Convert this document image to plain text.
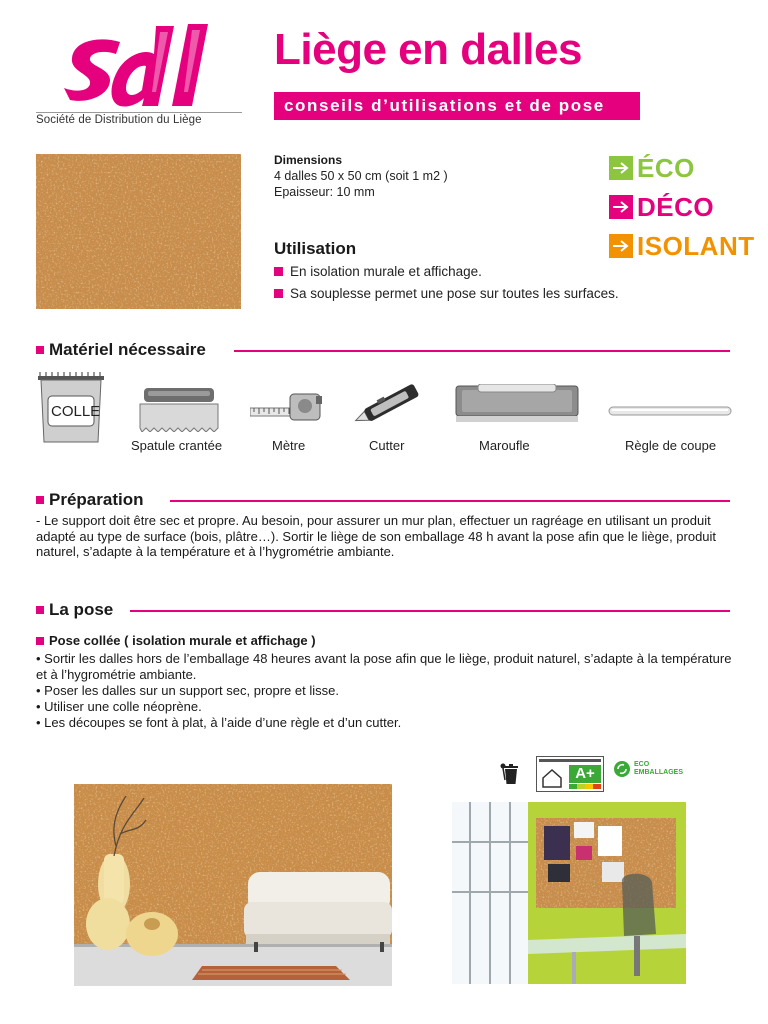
Société de Distribution du Liège
Liège en dalles
conseils d’utilisations et de pose
Dimensions
4 dalles 50 x 50 cm (soit 1 m2 )
Epaisseur: 10 mm
Utilisation
En isolation murale et affichage.
Sa souplesse permet une pose sur toutes les surfaces.
ÉCO
DÉCO
ISOLANT
Matériel nécessaire
COLLE
Spatule crantée	Mètre	Cutter	Maroufle	Règle de coupe
Préparation
- Le support doit être sec et propre. Au besoin, pour assurer un mur plan, effectuer un ragréage en utilisant un produit adapté au type de surface (bois, plâtre…). Sortir le liège de son emballage 48 h avant la pose afin que le liège, produit naturel, s’adapte à la température et à l’hygrométrie ambiante.
La pose
Pose collée ( isolation murale et affichage )
• Sortir les dalles hors de l’emballage 48 heures avant la pose afin que le liège, produit naturel, s’adapte à la température et à l’hygrométrie ambiante.
• Poser les dalles sur un support sec, propre et lisse.
• Utiliser une colle néoprène.
• Les découpes se font à plat, à l’aide d’une règle et d’un cutter.
A+
ECO EMBALLAGES
